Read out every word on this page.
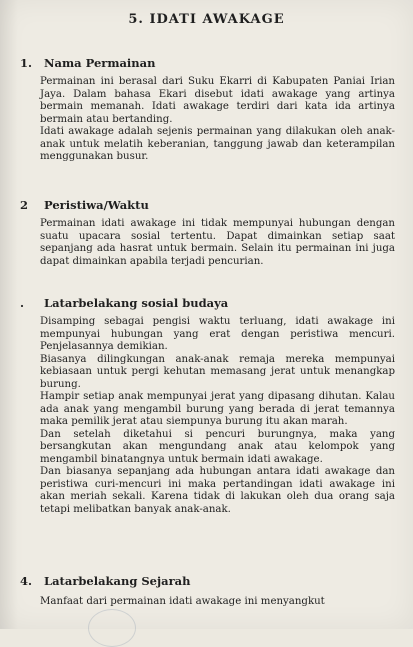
5. IDATI AWAKAGE
1. Nama Permainan

Permainan ini berasal dari Suku Ekarri di Kabupaten Paniai Irian Jaya. Dalam bahasa Ekari disebut idati awakage yang artinya bermain memanah. Idati awakage terdiri dari kata ida artinya bermain atau bertanding.

Idati awakage adalah sejenis permainan yang dilakukan oleh anak-anak untuk melatih keberanian, tanggung jawab dan keterampilan menggunakan busur.

2 Peristiwa/Waktu

Permainan idati awakage ini tidak mempunyai hubungan dengan suatu upacara sosial tertentu. Dapat dimainkan setiap saat sepanjang ada hasrat untuk bermain. Selain itu permainan ini juga dapat dimainkan apabila terjadi pencurian.

. Latarbelakang sosial budaya

Disamping sebagai pengisi waktu terluang, idati awakage ini mempunyai hubungan yang erat dengan peristiwa mencuri. Penjelasannya demikian.

Biasanya dilingkungan anak-anak remaja mereka mempunyai kebiasaan untuk pergi kehutan memasang jerat untuk menangkap burung.

Hampir setiap anak mempunyai jerat yang dipasang dihutan. Kalau ada anak yang mengambil burung yang berada di jerat temannya maka pemilik jerat atau siempunya burung itu akan marah.

Dan setelah diketahui si pencuri burungnya, maka yang bersangkutan akan mengundang anak atau kelompok yang mengambil binatangnya untuk bermain idati awakage.

Dan biasanya sepanjang ada hubungan antara idati awakage dan peristiwa curi-mencuri ini maka pertandingan idati awakage ini akan meriah sekali. Karena tidak di lakukan oleh dua orang saja tetapi melibatkan banyak anak-anak.

4. Latarbelakang Sejarah

Manfaat dari permainan idati awakage ini menyangkut
